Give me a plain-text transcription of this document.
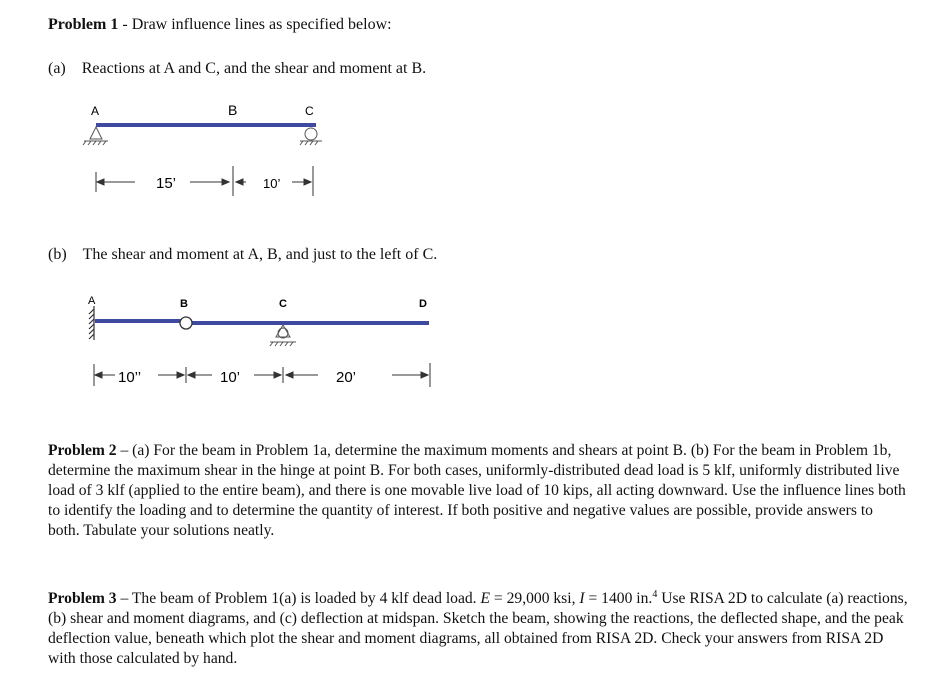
Problem 1 - Draw influence lines as specified below:
(a) Reactions at A and C, and the shear and moment at B.
A	B	C
15’	10’
(b) The shear and moment at A, B, and just to the left of C.
A	B	C	D
10’’	10’	20’
Problem 2 – (a) For the beam in Problem 1a, determine the maximum moments and shears at point B. (b) For the beam in Problem 1b, determine the maximum shear in the hinge at point B. For both cases, uniformly-distributed dead load is 5 klf, uniformly distributed live load of 3 klf (applied to the entire beam), and there is one movable live load of 10 kips, all acting downward. Use the influence lines both to identify the loading and to determine the quantity of interest. If both positive and negative values are possible, provide answers to both. Tabulate your solutions neatly.
Problem 3 – The beam of Problem 1(a) is loaded by 4 klf dead load. E = 29,000 ksi, I = 1400 in.$^4$ Use RISA 2D to calculate (a) reactions, (b) shear and moment diagrams, and (c) deflection at midspan. Sketch the beam, showing the reactions, the deflected shape, and the peak deflection value, beneath which plot the shear and moment diagrams, all obtained from RISA 2D. Check your answers from RISA 2D with those calculated by hand.
